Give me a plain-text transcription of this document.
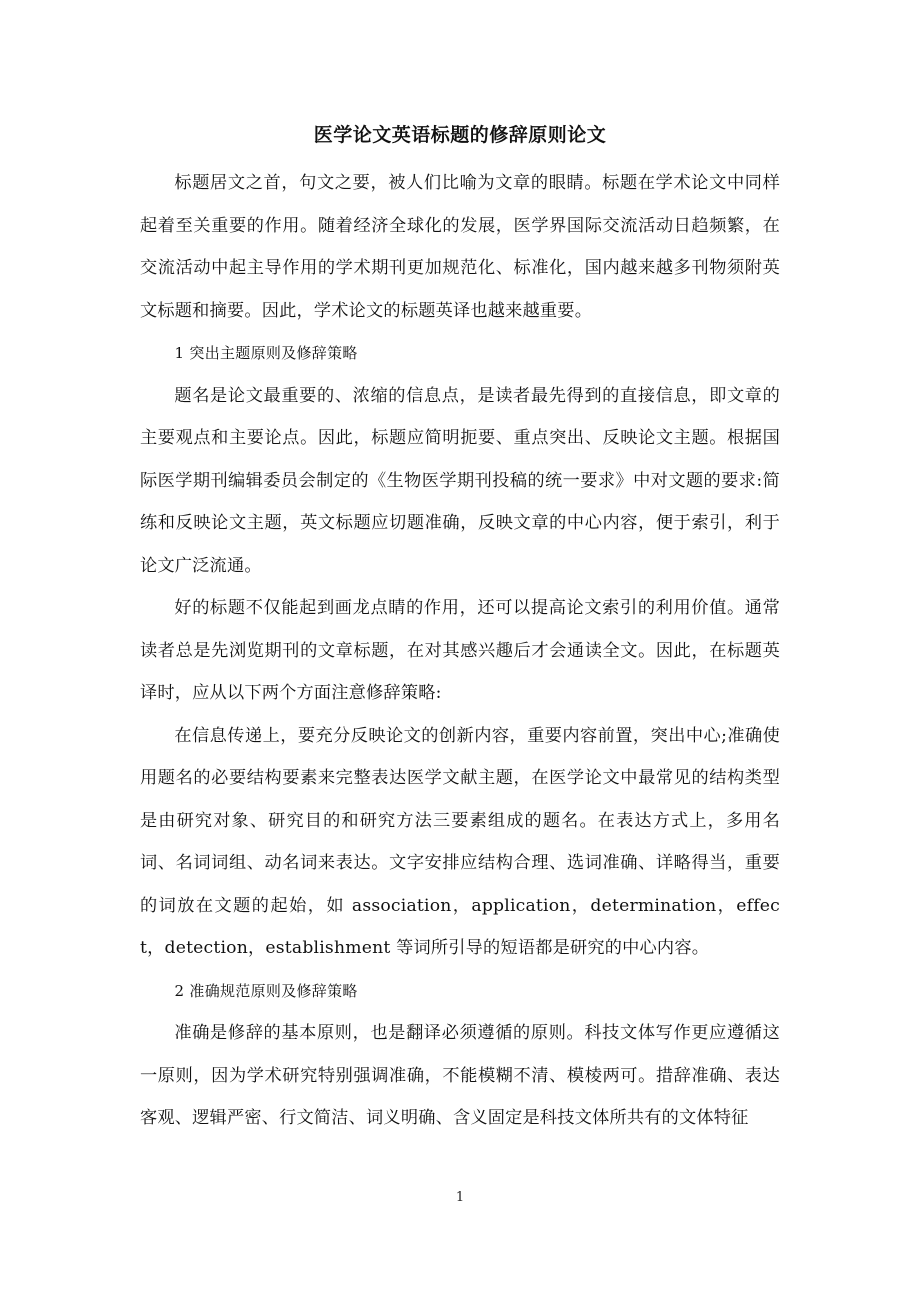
医学论文英语标题的修辞原则论文

标题居文之首，句文之要，被人们比喻为文章的眼睛。标题在学术论文中同样起着至关重要的作用。随着经济全球化的发展，医学界国际交流活动日趋频繁，在交流活动中起主导作用的学术期刊更加规范化、标准化，国内越来越多刊物须附英文标题和摘要。因此，学术论文的标题英译也越来越重要。

1 突出主题原则及修辞策略

题名是论文最重要的、浓缩的信息点，是读者最先得到的直接信息，即文章的主要观点和主要论点。因此，标题应简明扼要、重点突出、反映论文主题。根据国际医学期刊编辑委员会制定的《生物医学期刊投稿的统一要求》中对文题的要求:简练和反映论文主题，英文标题应切题准确，反映文章的中心内容，便于索引，利于论文广泛流通。

好的标题不仅能起到画龙点睛的作用，还可以提高论文索引的利用价值。通常读者总是先浏览期刊的文章标题，在对其感兴趣后才会通读全文。因此，在标题英译时，应从以下两个方面注意修辞策略:

在信息传递上，要充分反映论文的创新内容，重要内容前置，突出中心;准确使用题名的必要结构要素来完整表达医学文献主题，在医学论文中最常见的结构类型是由研究对象、研究目的和研究方法三要素组成的题名。在表达方式上，多用名词、名词词组、动名词来表达。文字安排应结构合理、选词准确、详略得当，重要的词放在文题的起始，如 association，application，determination，effect，detection，establishment 等词所引导的短语都是研究的中心内容。

2 准确规范原则及修辞策略

准确是修辞的基本原则，也是翻译必须遵循的原则。科技文体写作更应遵循这一原则，因为学术研究特别强调准确，不能模糊不清、模棱两可。措辞准确、表达客观、逻辑严密、行文简洁、词义明确、含义固定是科技文体所共有的文体特征

1
